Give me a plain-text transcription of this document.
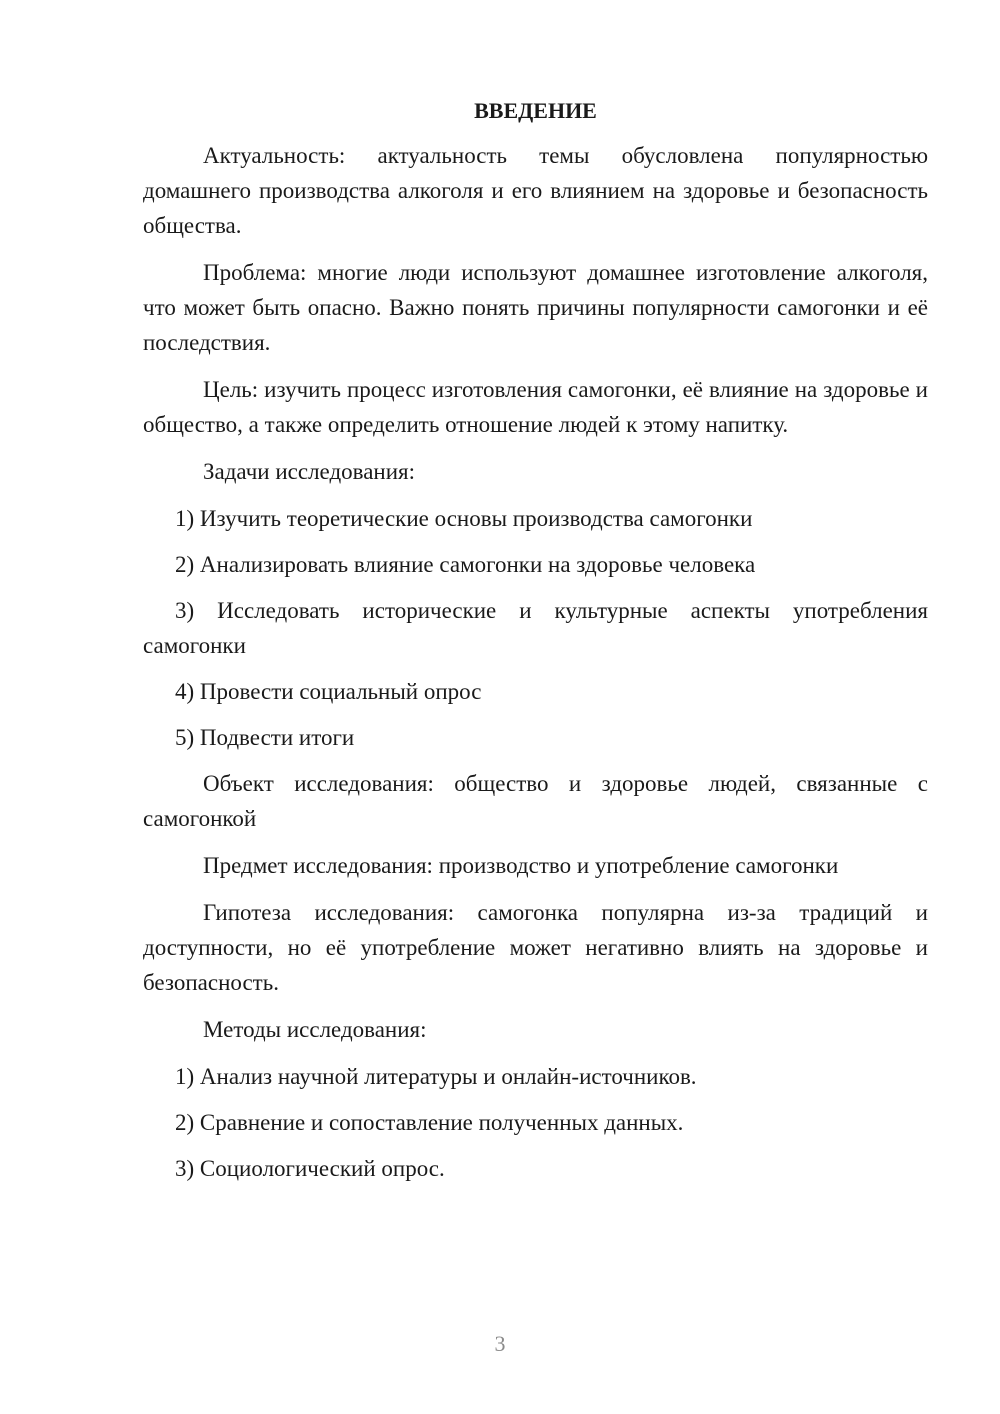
ВВЕДЕНИЕ

Актуальность: актуальность темы обусловлена популярностью домашнего производства алкоголя и его влиянием на здоровье и безопасность общества.

Проблема: многие люди используют домашнее изготовление алкоголя, что может быть опасно. Важно понять причины популярности самогонки и её последствия.

Цель: изучить процесс изготовления самогонки, её влияние на здоровье и общество, а также определить отношение людей к этому напитку.

Задачи исследования:

1) Изучить теоретические основы производства самогонки

2) Анализировать влияние самогонки на здоровье человека

3) Исследовать исторические и культурные аспекты употребления самогонки

4) Провести социальный опрос

5) Подвести итоги

Объект исследования: общество и здоровье людей, связанные с самогонкой

Предмет исследования: производство и употребление самогонки

Гипотеза исследования: самогонка популярна из-за традиций и доступности, но её употребление может негативно влиять на здоровье и безопасность.

Методы исследования:

1) Анализ научной литературы и онлайн-источников.

2) Сравнение и сопоставление полученных данных.

3) Социологический опрос.

3
